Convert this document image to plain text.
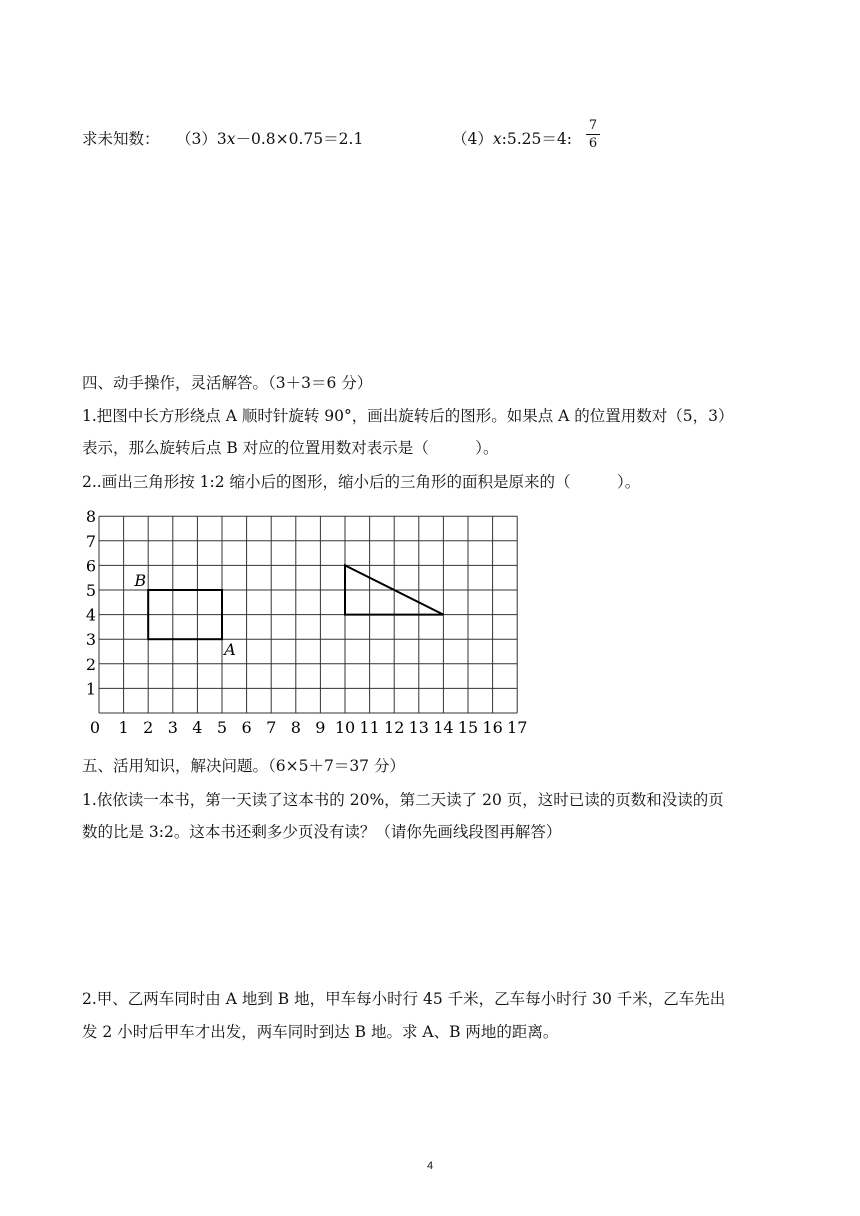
求未知数： （3）3x－0.8×0.75＝2.1	（4）x:5.25＝4:
7
6
四、动手操作，灵活解答。（3＋3＝6 分）
1.把图中长方形绕点 A 顺时针旋转 90°，画出旋转后的图形。如果点 A 的位置用数对（5，3）
表示，那么旋转后点 B 对应的位置用数对表示是（　　　）。
2..画出三角形按 1:2 缩小后的图形，缩小后的三角形的面积是原来的（　　　）。
0 1 2 3 4 5 6 7 8 9 10 11 12 13 14 15 16 17
1
2
3
4
5
6
7
8
B
A
五、活用知识，解决问题。（6×5＋7＝37 分）
1.依依读一本书，第一天读了这本书的 20%，第二天读了 20 页，这时已读的页数和没读的页
数的比是 3:2。这本书还剩多少页没有读？（请你先画线段图再解答）
2.甲、乙两车同时由 A 地到 B 地，甲车每小时行 45 千米，乙车每小时行 30 千米，乙车先出
发 2 小时后甲车才出发，两车同时到达 B 地。求 A、B 两地的距离。
4
